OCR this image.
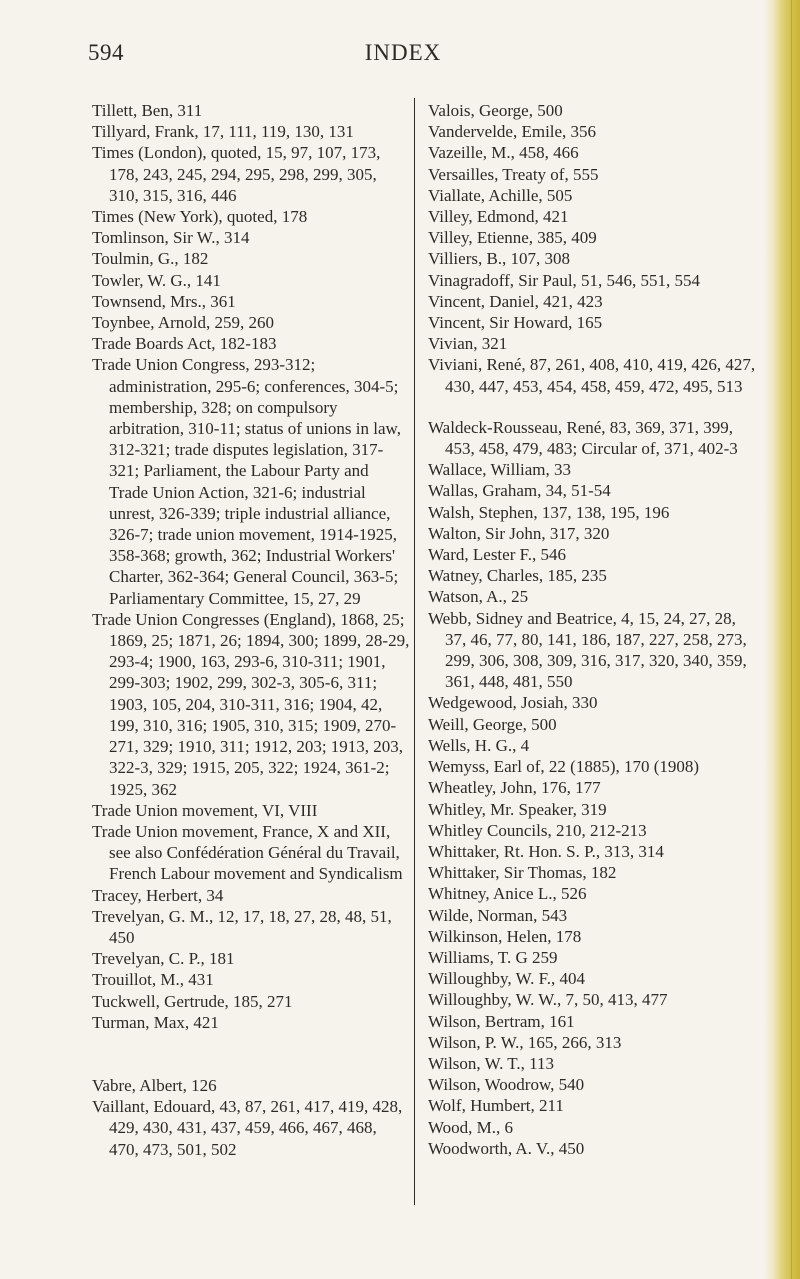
594	INDEX

Tillett, Ben, 311

Tillyard, Frank, 17, 111, 119, 130, 131

Times (London), quoted, 15, 97, 107, 173, 178, 243, 245, 294, 295, 298, 299, 305, 310, 315, 316, 446

Times (New York), quoted, 178

Tomlinson, Sir W., 314

Toulmin, G., 182

Towler, W. G., 141

Townsend, Mrs., 361

Toynbee, Arnold, 259, 260

Trade Boards Act, 182-183

Trade Union Congress, 293-312; administration, 295-6; conferences, 304-5; membership, 328; on compulsory arbitration, 310-11; status of unions in law, 312-321; trade disputes legislation, 317-321; Parliament, the Labour Party and Trade Union Action, 321-6; industrial unrest, 326-339; triple industrial alliance, 326-7; trade union movement, 1914-1925, 358-368; growth, 362; Industrial Workers' Charter, 362-364; General Council, 363-5; Parliamentary Committee, 15, 27, 29

Trade Union Congresses (England), 1868, 25; 1869, 25; 1871, 26; 1894, 300; 1899, 28-29, 293-4; 1900, 163, 293-6, 310-311; 1901, 299-303; 1902, 299, 302-3, 305-6, 311; 1903, 105, 204, 310-311, 316; 1904, 42, 199, 310, 316; 1905, 310, 315; 1909, 270-271, 329; 1910, 311; 1912, 203; 1913, 203, 322-3, 329; 1915, 205, 322; 1924, 361-2; 1925, 362

Trade Union movement, VI, VIII

Trade Union movement, France, X and XII, see also Confédération Général du Travail, French Labour movement and Syndicalism

Tracey, Herbert, 34

Trevelyan, G. M., 12, 17, 18, 27, 28, 48, 51, 450

Trevelyan, C. P., 181

Trouillot, M., 431

Tuckwell, Gertrude, 185, 271

Turman, Max, 421

Vabre, Albert, 126

Vaillant, Edouard, 43, 87, 261, 417, 419, 428, 429, 430, 431, 437, 459, 466, 467, 468, 470, 473, 501, 502

Valois, George, 500

Vandervelde, Emile, 356

Vazeille, M., 458, 466

Versailles, Treaty of, 555

Viallate, Achille, 505

Villey, Edmond, 421

Villey, Etienne, 385, 409

Villiers, B., 107, 308

Vinagradoff, Sir Paul, 51, 546, 551, 554

Vincent, Daniel, 421, 423

Vincent, Sir Howard, 165

Vivian, 321

Viviani, René, 87, 261, 408, 410, 419, 426, 427, 430, 447, 453, 454, 458, 459, 472, 495, 513

Waldeck-Rousseau, René, 83, 369, 371, 399, 453, 458, 479, 483; Circular of, 371, 402-3

Wallace, William, 33

Wallas, Graham, 34, 51-54

Walsh, Stephen, 137, 138, 195, 196

Walton, Sir John, 317, 320

Ward, Lester F., 546

Watney, Charles, 185, 235

Watson, A., 25

Webb, Sidney and Beatrice, 4, 15, 24, 27, 28, 37, 46, 77, 80, 141, 186, 187, 227, 258, 273, 299, 306, 308, 309, 316, 317, 320, 340, 359, 361, 448, 481, 550

Wedgewood, Josiah, 330

Weill, George, 500

Wells, H. G., 4

Wemyss, Earl of, 22 (1885), 170 (1908)

Wheatley, John, 176, 177

Whitley, Mr. Speaker, 319

Whitley Councils, 210, 212-213

Whittaker, Rt. Hon. S. P., 313, 314

Whittaker, Sir Thomas, 182

Whitney, Anice L., 526

Wilde, Norman, 543

Wilkinson, Helen, 178

Williams, T. G 259

Willoughby, W. F., 404

Willoughby, W. W., 7, 50, 413, 477

Wilson, Bertram, 161

Wilson, P. W., 165, 266, 313

Wilson, W. T., 113

Wilson, Woodrow, 540

Wolf, Humbert, 211

Wood, M., 6

Woodworth, A. V., 450
